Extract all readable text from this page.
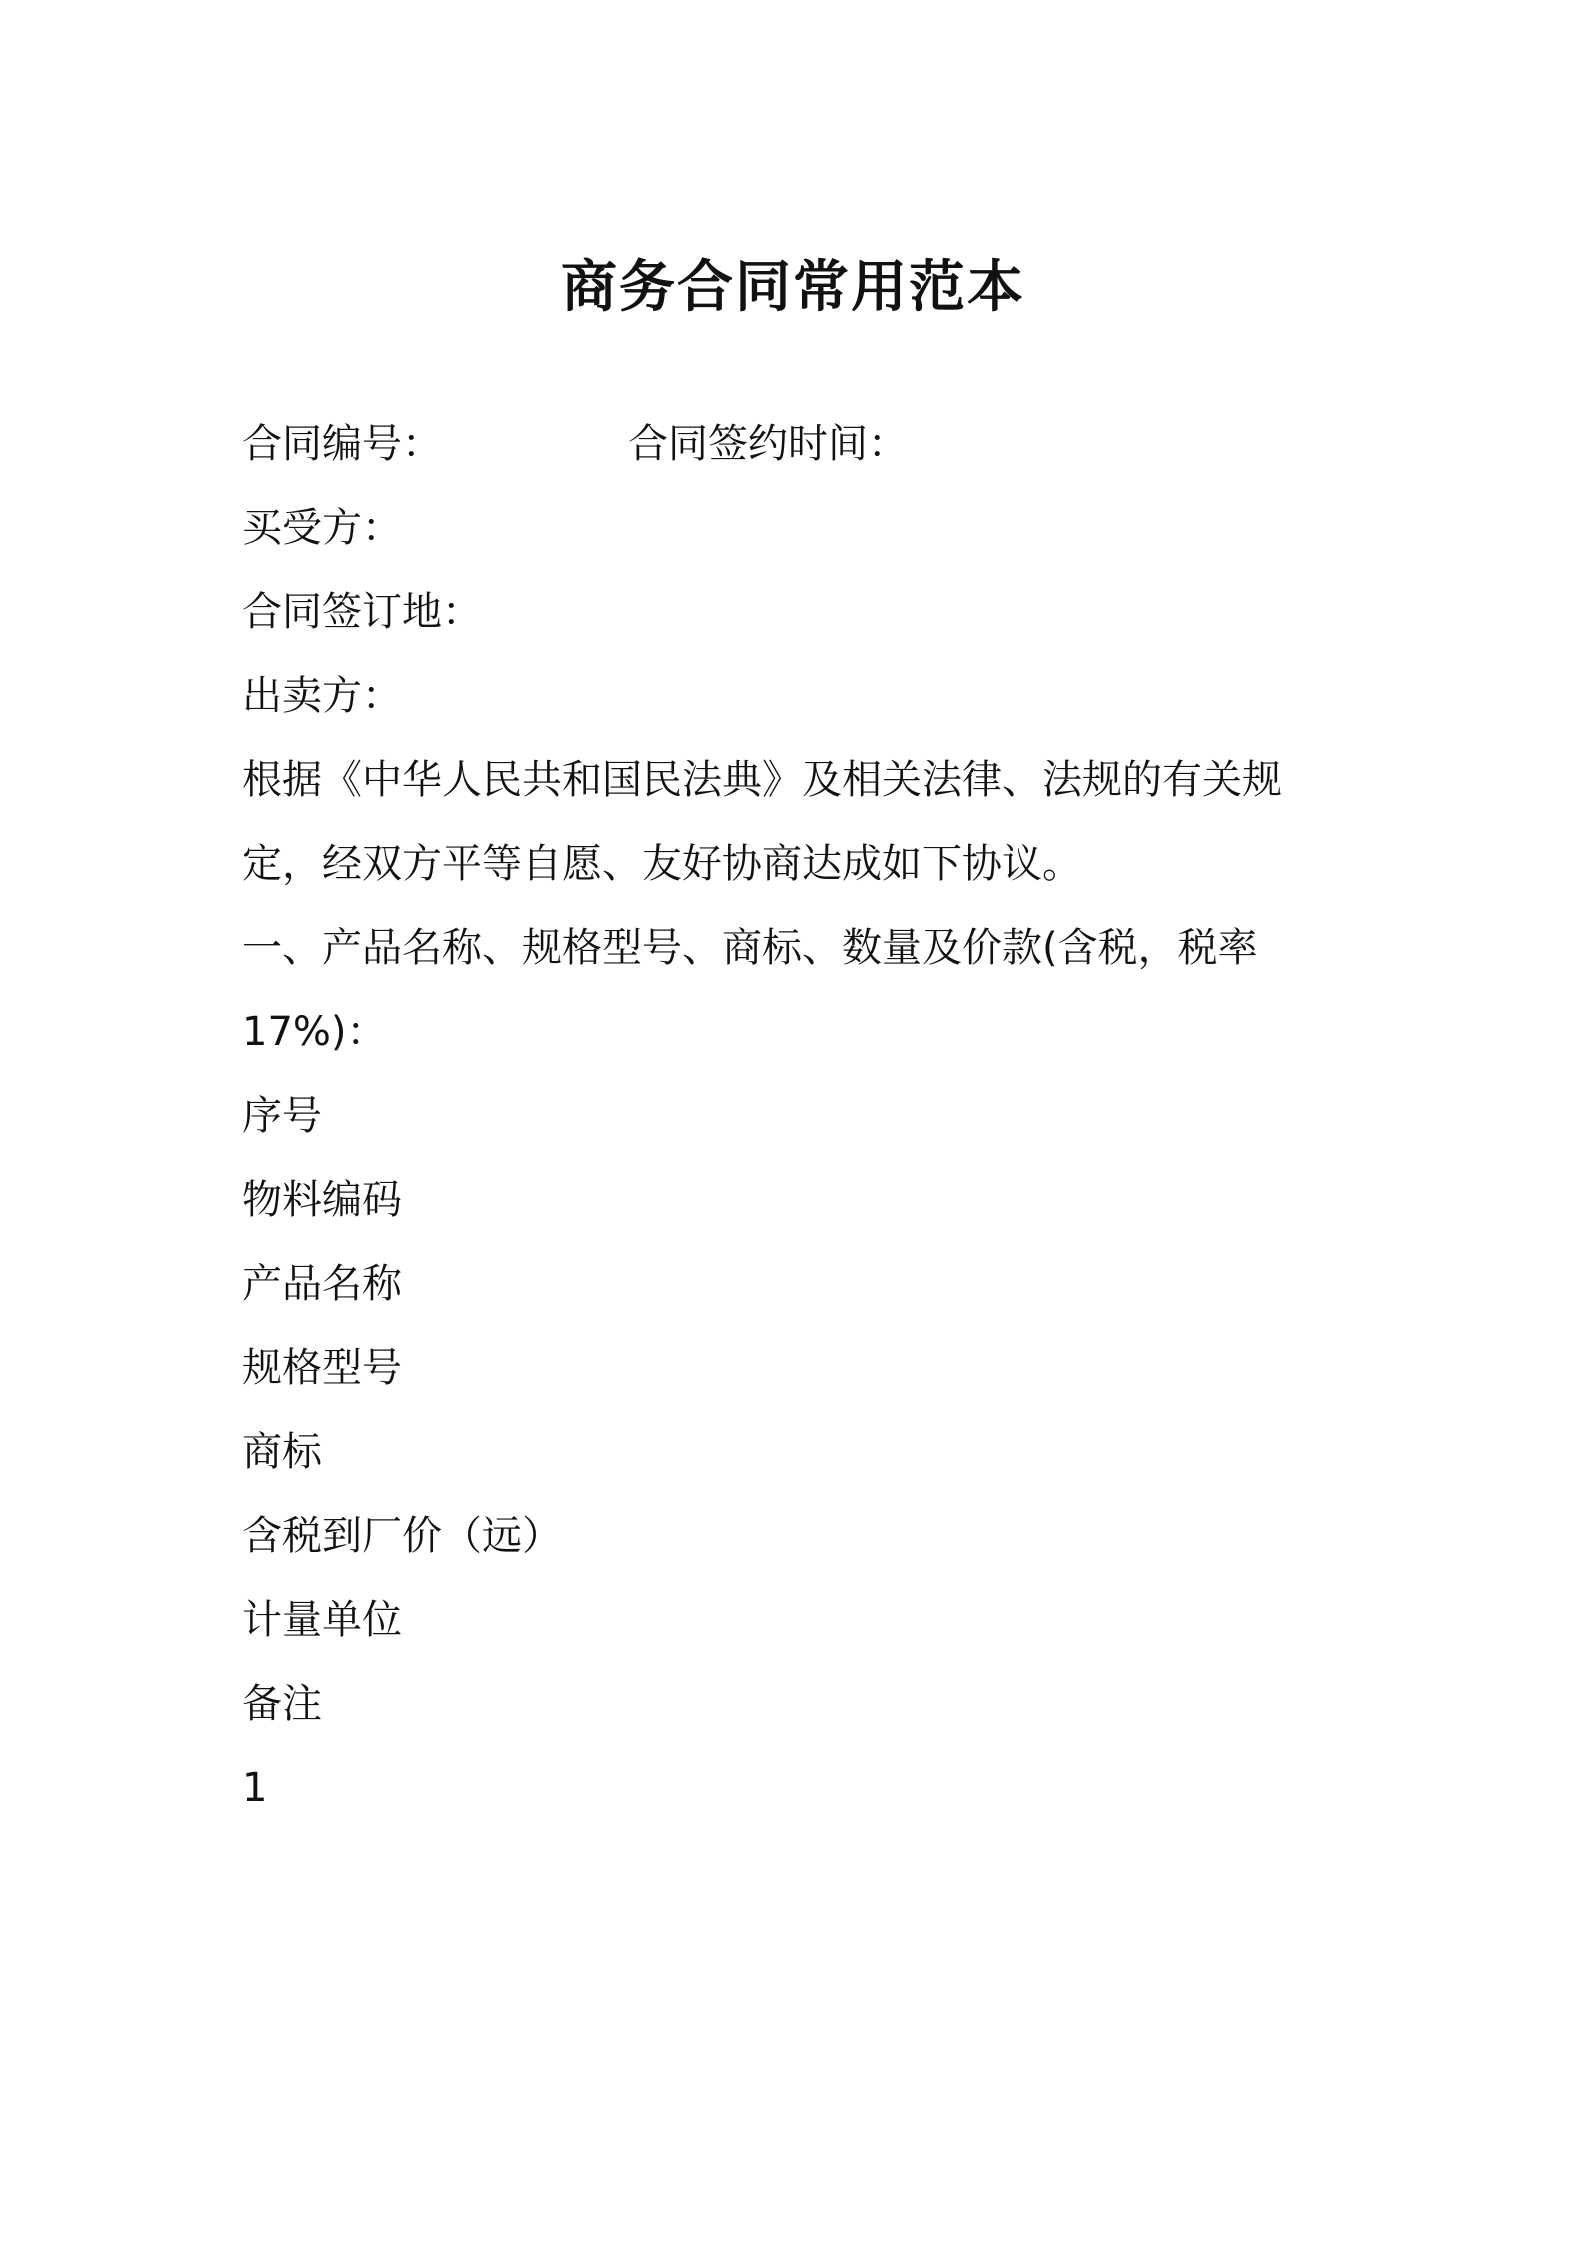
商务合同常用范本
合同编号：	合同签约时间：
买受方：
合同签订地：
出卖方：
根据《中华人民共和国民法典》及相关法律、法规的有关规
定，经双方平等自愿、友好协商达成如下协议。
一、产品名称、规格型号、商标、数量及价款(含税，税率
17%)：
序号
物料编码
产品名称
规格型号
商标
含税到厂价（远）
计量单位
备注
1
